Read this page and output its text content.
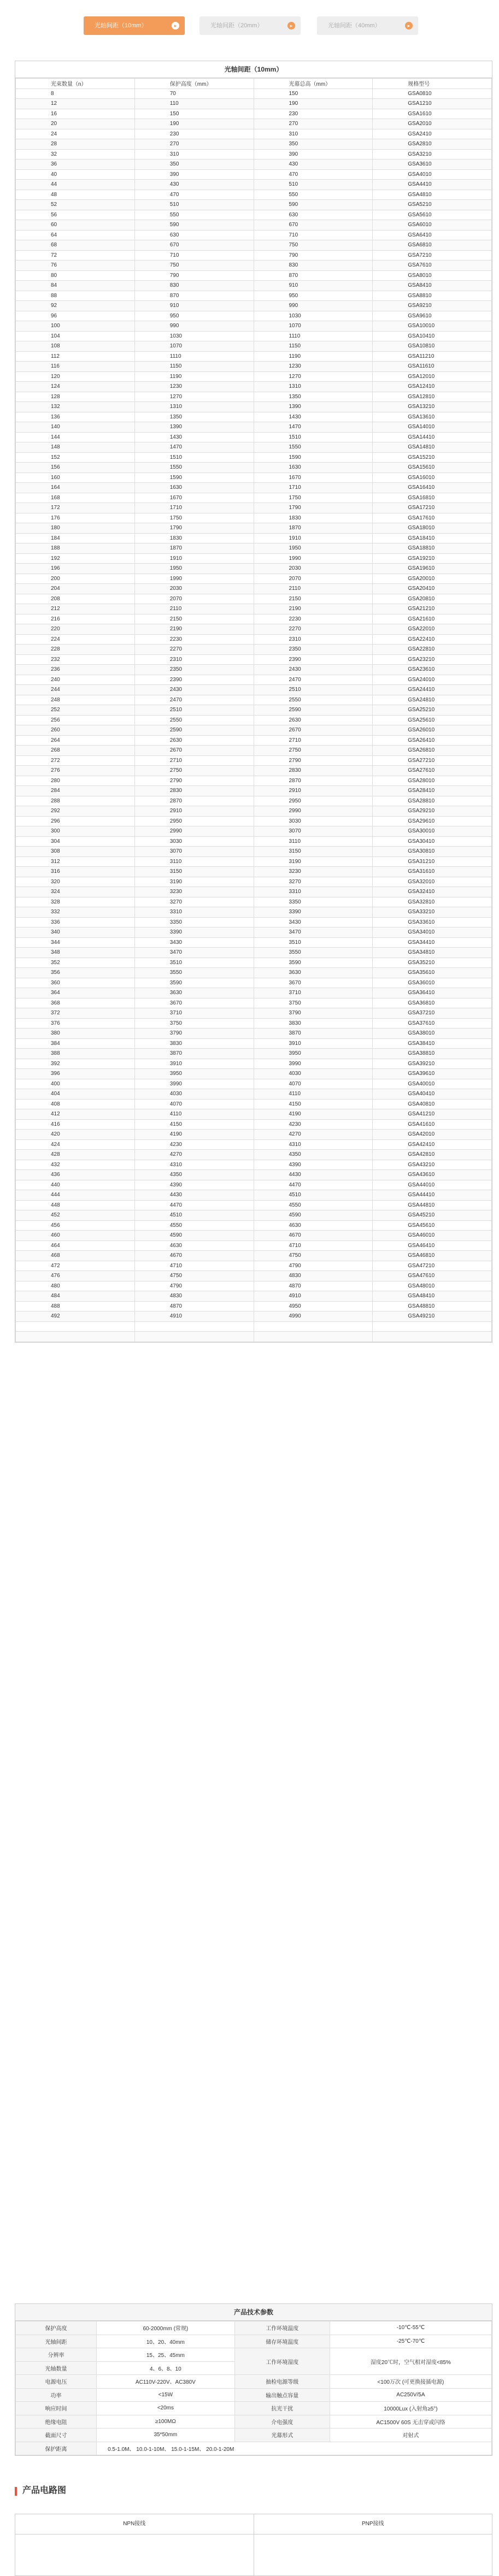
光轴间距（10mm）	▸	光轴间距（20mm）	▸	光轴间距（40mm）	▸
光轴间距（10mm）
光束数量（n）	保护高度（mm）	光幕总高（mm）	规格型号
8	70	150	GSA0810
12	110	190	GSA1210
16	150	230	GSA1610
20	190	270	GSA2010
24	230	310	GSA2410
28	270	350	GSA2810
32	310	390	GSA3210
36	350	430	GSA3610
40	390	470	GSA4010
44	430	510	GSA4410
48	470	550	GSA4810
52	510	590	GSA5210
56	550	630	GSA5610
60	590	670	GSA6010
64	630	710	GSA6410
68	670	750	GSA6810
72	710	790	GSA7210
76	750	830	GSA7610
80	790	870	GSA8010
84	830	910	GSA8410
88	870	950	GSA8810
92	910	990	GSA9210
96	950	1030	GSA9610
100	990	1070	GSA10010
104	1030	1110	GSA10410
108	1070	1150	GSA10810
112	1110	1190	GSA11210
116	1150	1230	GSA11610
120	1190	1270	GSA12010
124	1230	1310	GSA12410
128	1270	1350	GSA12810
132	1310	1390	GSA13210
136	1350	1430	GSA13610
140	1390	1470	GSA14010
144	1430	1510	GSA14410
148	1470	1550	GSA14810
152	1510	1590	GSA15210
156	1550	1630	GSA15610
160	1590	1670	GSA16010
164	1630	1710	GSA16410
168	1670	1750	GSA16810
172	1710	1790	GSA17210
176	1750	1830	GSA17610
180	1790	1870	GSA18010
184	1830	1910	GSA18410
188	1870	1950	GSA18810
192	1910	1990	GSA19210
196	1950	2030	GSA19610
200	1990	2070	GSA20010
204	2030	2110	GSA20410
208	2070	2150	GSA20810
212	2110	2190	GSA21210
216	2150	2230	GSA21610
220	2190	2270	GSA22010
224	2230	2310	GSA22410
228	2270	2350	GSA22810
232	2310	2390	GSA23210
236	2350	2430	GSA23610
240	2390	2470	GSA24010
244	2430	2510	GSA24410
248	2470	2550	GSA24810
252	2510	2590	GSA25210
256	2550	2630	GSA25610
260	2590	2670	GSA26010
264	2630	2710	GSA26410
268	2670	2750	GSA26810
272	2710	2790	GSA27210
276	2750	2830	GSA27610
280	2790	2870	GSA28010
284	2830	2910	GSA28410
288	2870	2950	GSA28810
292	2910	2990	GSA29210
296	2950	3030	GSA29610
300	2990	3070	GSA30010
304	3030	3110	GSA30410
308	3070	3150	GSA30810
312	3110	3190	GSA31210
316	3150	3230	GSA31610
320	3190	3270	GSA32010
324	3230	3310	GSA32410
328	3270	3350	GSA32810
332	3310	3390	GSA33210
336	3350	3430	GSA33610
340	3390	3470	GSA34010
344	3430	3510	GSA34410
348	3470	3550	GSA34810
352	3510	3590	GSA35210
356	3550	3630	GSA35610
360	3590	3670	GSA36010
364	3630	3710	GSA36410
368	3670	3750	GSA36810
372	3710	3790	GSA37210
376	3750	3830	GSA37610
380	3790	3870	GSA38010
384	3830	3910	GSA38410
388	3870	3950	GSA38810
392	3910	3990	GSA39210
396	3950	4030	GSA39610
400	3990	4070	GSA40010
404	4030	4110	GSA40410
408	4070	4150	GSA40810
412	4110	4190	GSA41210
416	4150	4230	GSA41610
420	4190	4270	GSA42010
424	4230	4310	GSA42410
428	4270	4350	GSA42810
432	4310	4390	GSA43210
436	4350	4430	GSA43610
440	4390	4470	GSA44010
444	4430	4510	GSA44410
448	4470	4550	GSA44810
452	4510	4590	GSA45210
456	4550	4630	GSA45610
460	4590	4670	GSA46010
464	4630	4710	GSA46410
468	4670	4750	GSA46810
472	4710	4790	GSA47210
476	4750	4830	GSA47610
480	4790	4870	GSA48010
484	4830	4910	GSA48410
488	4870	4950	GSA48810
492	4910	4990	GSA49210

产品技术参数
保护高度	60-2000mm (常规)	工作环境温度	-10℃-55℃
光轴间距	10、20、40mm	储存环境温度	-25℃-70℃
分辨率	15、25、45mm	工作环境湿度	湿度20℃时，空气相对湿度<85%
光轴数量	4、6、8、10		
电源电压	AC110V-220V、AC380V	抽检电源等级	<100万次 (可更换接插电源)
功率	<15W	输出触点容量	AC250V/5A
响应时间	<20ms	抗光干扰	10000Lux (入射角≥5°)
绝缘电阻	≥100MΩ	介电强度	AC1500V 60S 无击穿或闪络
截面尺寸	35*50mm	光幕形式	对射式
保护距离	0.5-1.0M、 10.0-1-10M、 15.0-1-15M、 20.0-1-20M		
产品电路图
NPN接线	PNP接线
